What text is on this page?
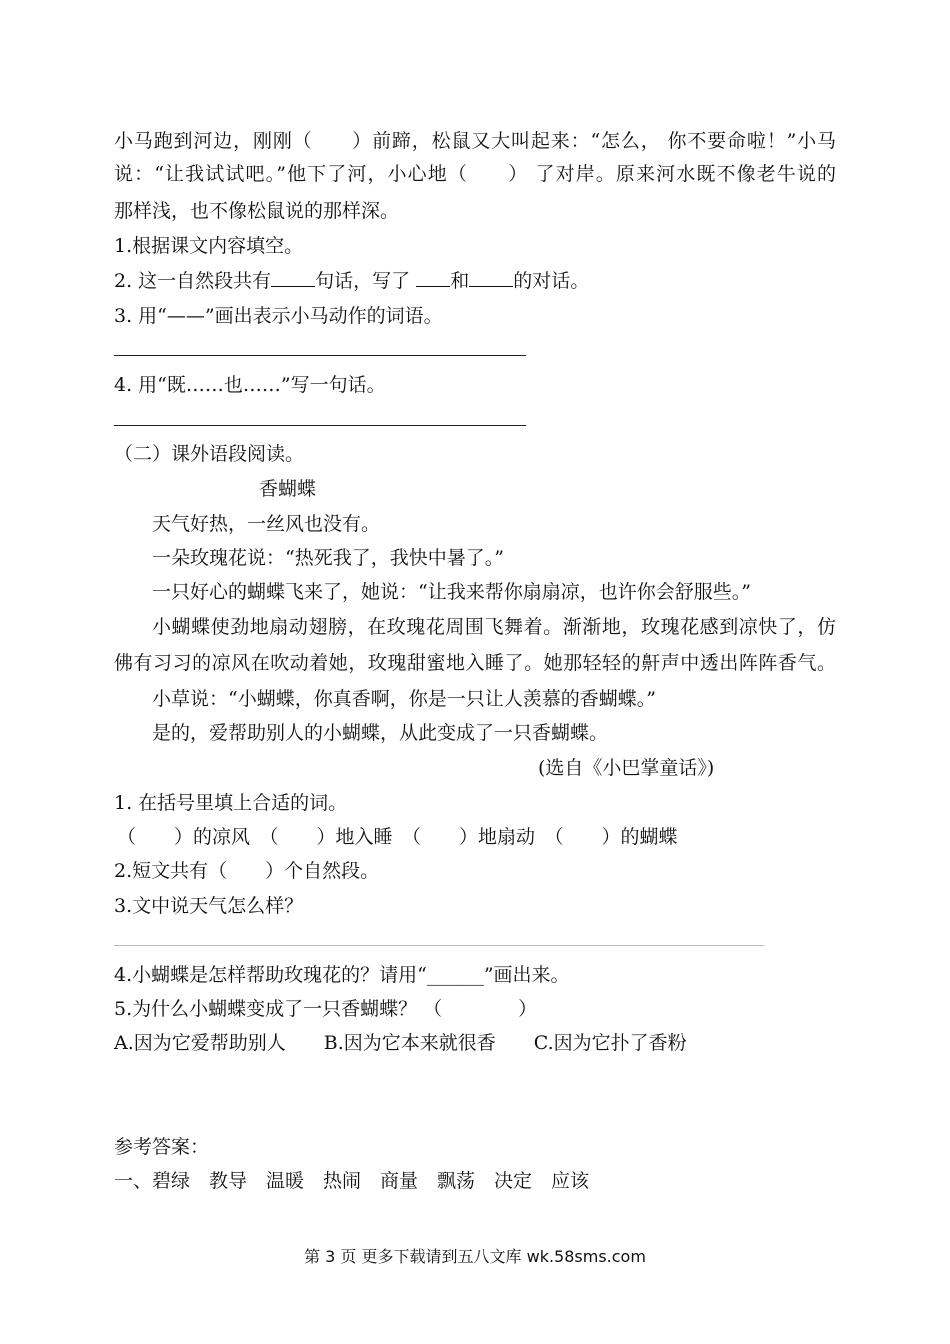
小马跑到河边，刚刚（　　）前蹄，松鼠又大叫起来：“怎么， 你不要命啦！”小马
说：“让我试试吧。”他下了河，小心地（　　） 了对岸。原来河水既不像老牛说的
那样浅，也不像松鼠说的那样深。
1.根据课文内容填空。
2. 这一自然段共有 句话，写了 和 的对话。
3. 用“——”画出表示小马动作的词语。
4. 用“既……也……”写一句话。
（二）课外语段阅读。
香蝴蝶
天气好热，一丝风也没有。
一朵玫瑰花说：“热死我了，我快中暑了。”
一只好心的蝴蝶飞来了，她说：“让我来帮你扇扇凉，也许你会舒服些。”
小蝴蝶使劲地扇动翅膀，在玫瑰花周围飞舞着。渐渐地，玫瑰花感到凉快了，仿
佛有习习的凉风在吹动着她，玫瑰甜蜜地入睡了。她那轻轻的鼾声中透出阵阵香气。
小草说：“小蝴蝶，你真香啊，你是一只让人羡慕的香蝴蝶。”
是的，爱帮助别人的小蝴蝶，从此变成了一只香蝴蝶。
(选自《小巴掌童话》)
1. 在括号里填上合适的词。
（　　）的凉风　（　　）地入睡　（　　）地扇动　（　　）的蝴蝶
2.短文共有（　　）个自然段。
3.文中说天气怎么样？
4.小蝴蝶是怎样帮助玫瑰花的？请用“______”画出来。
5.为什么小蝴蝶变成了一只香蝴蝶？ （　　　　）
A.因为它爱帮助别人　　B.因为它本来就很香　　C.因为它扑了香粉
参考答案：
一、碧绿　教导　温暖　热闹　商量　飘荡　决定　应该
第 3 页 更多下载请到五八文库 wk.58sms.com
